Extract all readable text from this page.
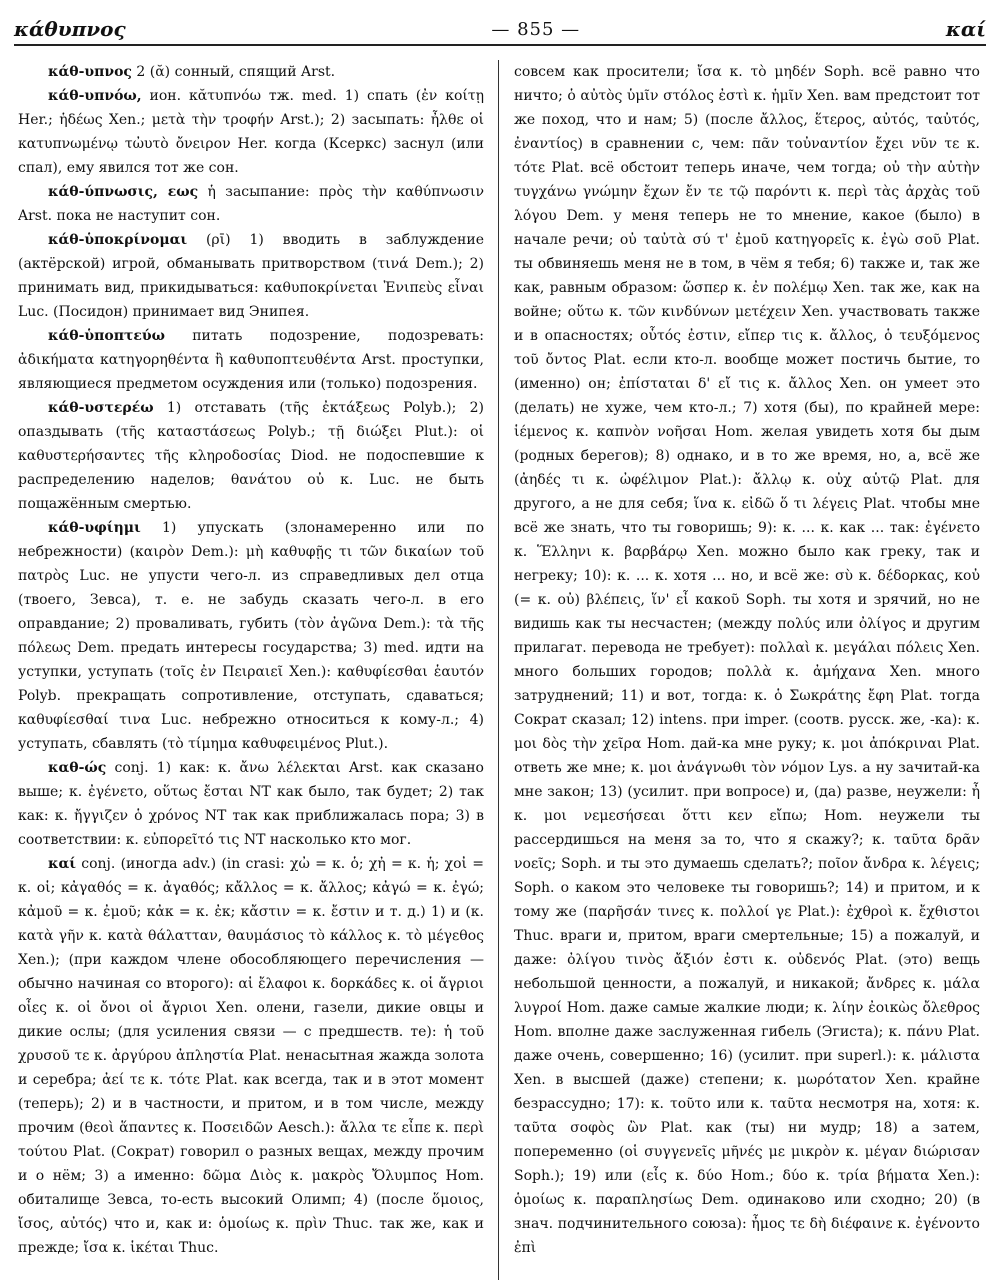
κάθυπνος	— 855 —	καί

κάθ-υπνος 2 (ᾰ) сонный, спящий Arst.

κάθ-υπνόω, ион. κᾰτυπνόω тж. med. 1) спать (ἐν κοίτῃ Her.; ἡδέως Xen.; μετὰ τὴν τροφήν Arst.); 2) засыпать: ἦλθε οἱ κατυπνωμένῳ τὠυτὸ ὄνειρον Her. когда (Ксеркс) заснул (или спал), ему явился тот же сон.

κάθ-ύπνωσις, εως ἡ засыпание: πρὸς τὴν καθύπνωσιν Arst. пока не наступит сон.

κάθ-ὑποκρίνομαι (ρῑ) 1) вводить в заблуждение (актёрской) игрой, обманывать притворством (τινά Dem.); 2) принимать вид, прикидываться: καθυποκρίνεται Ἐνιπεὺς εἶναι Luc. (Посидон) принимает вид Энипея.

κάθ-ὑποπτεύω питать подозрение, подозревать: ἀδικήματα κατηγορηθέντα ἢ καθυποπτευθέντα Arst. проступки, являющиеся предметом осуждения или (только) подозрения.

κάθ-υστερέω 1) отставать (τῆς ἐκτάξεως Polyb.); 2) опаздывать (τῆς καταστάσεως Polyb.; τῇ διώξει Plut.): οἱ καθυστερήσαντες τῆς κληροδοσίας Diod. не подоспевшие к распределению наделов; θανάτου οὐ κ. Luc. не быть пощажённым смертью.

κάθ-υφίημι 1) упускать (злонамеренно или по небрежности) (καιρὸν Dem.): μὴ καθυφῇς τι τῶν δικαίων τοῦ πατρὸς Luc. не упусти чего-л. из справедливых дел отца (твоего, Зевса), т. е. не забудь сказать чего-л. в его оправдание; 2) проваливать, губить (τὸν ἀγῶνα Dem.): τὰ τῆς πόλεως Dem. предать интересы государства; 3) med. идти на уступки, уступать (τοῖς ἐν Πειραιεῖ Xen.): καθυφίεσθαι ἑαυτόν Polyb. прекращать сопротивление, отступать, сдаваться; καθυφίεσθαί τινα Luc. небрежно относиться к кому-л.; 4) уступать, сбавлять (τὸ τίμημα καθυφειμένος Plut.).

καθ-ώς conj. 1) как: κ. ἄνω λέλεκται Arst. как сказано выше; κ. ἐγένετο, οὕτως ἔσται NT как было, так будет; 2) так как: κ. ἤγγιζεν ὁ χρόνος NT так как приближалась пора; 3) в соответствии: κ. εὐπορεῖτό τις NT насколько кто мог.

καί conj. (иногда adv.) (in crasi: χὠ = κ. ὁ; χἠ = κ. ἡ; χοἰ = κ. οἱ; κἀγαθός = κ. ἀγαθός; κἄλλος = κ. ἄλλος; κἀγώ = κ. ἐγώ; κἀμοῦ = κ. ἐμοῦ; κἀκ = κ. ἐκ; κἄστιν = κ. ἔστιν и т. д.) 1) и (κ. κατὰ γῆν κ. κατὰ θάλατταν, θαυμάσιος τὸ κάλλος κ. τὸ μέγεθος Xen.); (при каждом члене обособляющего перечисления — обычно начиная со второго): αἱ ἔλαφοι κ. δορκάδες κ. οἱ ἄγριοι οἶες κ. οἱ ὄνοι οἱ ἄγριοι Xen. олени, газели, дикие овцы и дикие ослы; (для усиления связи — с предшеств. те): ἡ τοῦ χρυσοῦ τε κ. ἀργύρου ἀπληστία Plat. ненасытная жажда золота и серебра; ἀεί τε κ. τότε Plat. как всегда, так и в этот момент (теперь); 2) и в частности, и притом, и в том числе, между прочим (θεοὶ ἅπαντες κ. Ποσειδῶν Aesch.): ἄλλα τε εἶπε κ. περὶ τούτου Plat. (Сократ) говорил о разных вещах, между прочим и о нём; 3) а именно: δῶμα Διὸς κ. μακρὸς Ὄλυμπος Hom. обиталище Зевса, то-есть высокий Олимп; 4) (после ὅμοιος, ἴσος, αὐτός) что и, как и: ὁμοίως κ. πρὶν Thuc. так же, как и прежде; ἴσα κ. ἱκέται Thuc.

совсем как просители; ἴσα κ. τὸ μηδέν Soph. всё равно что ничто; ὁ αὐτὸς ὑμῖν στόλος ἐστὶ κ. ἡμῖν Xen. вам предстоит тот же поход, что и нам; 5) (после ἄλλος, ἕτερος, αὐτός, ταὐτός, ἐναντίος) в сравнении с, чем: πᾶν τοὐναντίον ἔχει νῦν τε κ. τότε Plat. всё обстоит теперь иначе, чем тогда; οὐ τὴν αὐτὴν τυγχάνω γνώμην ἔχων ἔν τε τῷ παρόντι κ. περὶ τὰς ἀρχὰς τοῦ λόγου Dem. у меня теперь не то мнение, какое (было) в начале речи; οὐ ταὐτὰ σύ τ' ἐμοῦ κατηγορεῖς κ. ἐγὼ σοῦ Plat. ты обвиняешь меня не в том, в чём я тебя; 6) также и, так же как, равным образом: ὥσπερ κ. ἐν πολέμῳ Xen. так же, как на войне; οὕτω κ. τῶν κινδύνων μετέχειν Xen. участвовать также и в опасностях; οὗτός ἐστιν, εἴπερ τις κ. ἄλλος, ὁ τευξόμενος τοῦ ὄντος Plat. если кто-л. вообще может постичь бытие, то (именно) он; ἐπίσταται δ' εἴ τις κ. ἄλλος Xen. он умеет это (делать) не хуже, чем кто-л.; 7) хотя (бы), по крайней мере: ἱέμενος κ. καπνὸν νοῆσαι Hom. желая увидеть хотя бы дым (родных берегов); 8) однако, и в то же время, но, а, всё же (ἀηδές τι κ. ὠφέλιμον Plat.): ἄλλῳ κ. οὐχ αὑτῷ Plat. для другого, а не для себя; ἵνα κ. εἰδῶ ὅ τι λέγεις Plat. чтобы мне всё же знать, что ты говоришь; 9): κ. ... κ. как ... так: ἐγένετο κ. Ἕλληνι κ. βαρβάρῳ Xen. можно было как греку, так и негреку; 10): κ. ... κ. хотя ... но, и всё же: σὺ κ. δέδορκας, κοὐ (= κ. οὐ) βλέπεις, ἵν' εἶ κακοῦ Soph. ты хотя и зрячий, но не видишь как ты несчастен; (между πολύς или ὀλίγος и другим прилагат. перевода не требует): πολλαὶ κ. μεγάλαι πόλεις Xen. много больших городов; πολλὰ κ. ἀμήχανα Xen. много затруднений; 11) и вот, тогда: κ. ὁ Σωκράτης ἔφη Plat. тогда Сократ сказал; 12) intens. при imper. (соотв. русск. же, -ка): κ. μοι δὸς τὴν χεῖρα Hom. дай-ка мне руку; κ. μοι ἀπόκριναι Plat. ответь же мне; κ. μοι ἀνάγνωθι τὸν νόμον Lys. а ну зачитай-ка мне закон; 13) (усилит. при вопросе) и, (да) разве, неужели: ἦ κ. μοι νεμεσήσεαι ὅττι κεν εἴπω; Hom. неужели ты рассердишься на меня за то, что я скажу?; κ. ταῦτα δρᾶν νοεῖς; Soph. и ты это думаешь сделать?; ποῖον ἄνδρα κ. λέγεις; Soph. о каком это человеке ты говоришь?; 14) и притом, и к тому же (παρῆσάν τινες κ. πολλοί γε Plat.): ἐχθροὶ κ. ἔχθιστοι Thuc. враги и, притом, враги смертельные; 15) а пожалуй, и даже: ὀλίγου τινὸς ἄξιόν ἐστι κ. οὐδενός Plat. (это) вещь небольшой ценности, а пожалуй, и никакой; ἄνδρες κ. μάλα λυγροί Hom. даже самые жалкие люди; κ. λίην ἐοικὼς ὄλεθρος Hom. вполне даже заслуженная гибель (Эгиста); κ. πάνυ Plat. даже очень, совершенно; 16) (усилит. при superl.): κ. μάλιστα Xen. в высшей (даже) степени; κ. μωρότατον Xen. крайне безрассудно; 17): κ. τοῦτο или κ. ταῦτα несмотря на, хотя: κ. ταῦτα σοφὸς ὢν Plat. как (ты) ни мудр; 18) а затем, попеременно (οἱ συγγενεῖς μῆνές με μικρὸν κ. μέγαν διώρισαν Soph.); 19) или (εἷς κ. δύο Hom.; δύο κ. τρία βήματα Xen.): ὁμοίως κ. παραπλησίως Dem. одинаково или сходно; 20) (в знач. подчинительного союза): ἦμος τε δὴ διέφαινε κ. ἐγένοντο ἐπὶ
